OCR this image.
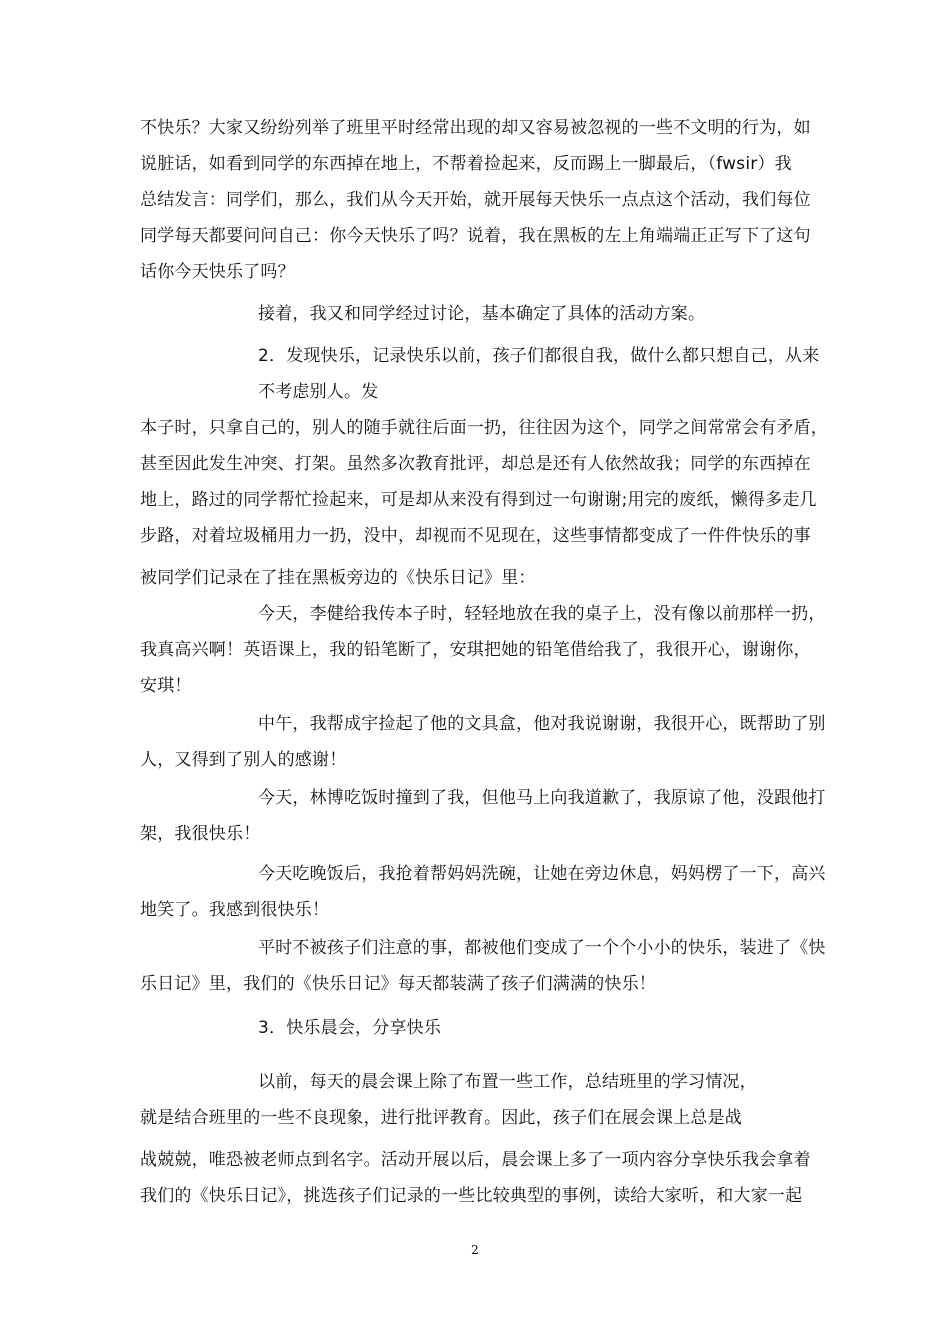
不快乐？大家又纷纷列举了班里平时经常出现的却又容易被忽视的一些不文明的行为，如
说脏话，如看到同学的东西掉在地上，不帮着捡起来，反而踢上一脚最后，（fwsir）我
总结发言：同学们，那么，我们从今天开始，就开展每天快乐一点点这个活动，我们每位
同学每天都要问问自己：你今天快乐了吗？说着，我在黑板的左上角端端正正写下了这句
话你今天快乐了吗？
接着，我又和同学经过讨论，基本确定了具体的活动方案。
2．发现快乐，记录快乐以前，孩子们都很自我，做什么都只想自己，从来
不考虑别人。发
本子时，只拿自己的，别人的随手就往后面一扔，往往因为这个，同学之间常常会有矛盾，
甚至因此发生冲突、打架。虽然多次教育批评，却总是还有人依然故我；同学的东西掉在
地上，路过的同学帮忙捡起来，可是却从来没有得到过一句谢谢;用完的废纸，懒得多走几
步路，对着垃圾桶用力一扔，没中，却视而不见现在，这些事情都变成了一件件快乐的事
被同学们记录在了挂在黑板旁边的《快乐日记》里：
今天，李健给我传本子时，轻轻地放在我的桌子上，没有像以前那样一扔，
我真高兴啊！英语课上，我的铅笔断了，安琪把她的铅笔借给我了，我很开心，谢谢你，
安琪！
中午，我帮成宇捡起了他的文具盒，他对我说谢谢，我很开心，既帮助了别
人，又得到了别人的感谢！
今天，林博吃饭时撞到了我，但他马上向我道歉了，我原谅了他，没跟他打
架，我很快乐！
今天吃晚饭后，我抢着帮妈妈洗碗，让她在旁边休息，妈妈楞了一下，高兴
地笑了。我感到很快乐！
平时不被孩子们注意的事，都被他们变成了一个个小小的快乐，装进了《快
乐日记》里，我们的《快乐日记》每天都装满了孩子们满满的快乐！
3．快乐晨会，分享快乐
以前，每天的晨会课上除了布置一些工作，总结班里的学习情况，
就是结合班里的一些不良现象，进行批评教育。因此，孩子们在展会课上总是战
战兢兢，唯恐被老师点到名字。活动开展以后，晨会课上多了一项内容分享快乐我会拿着
我们的《快乐日记》，挑选孩子们记录的一些比较典型的事例，读给大家听，和大家一起
2
